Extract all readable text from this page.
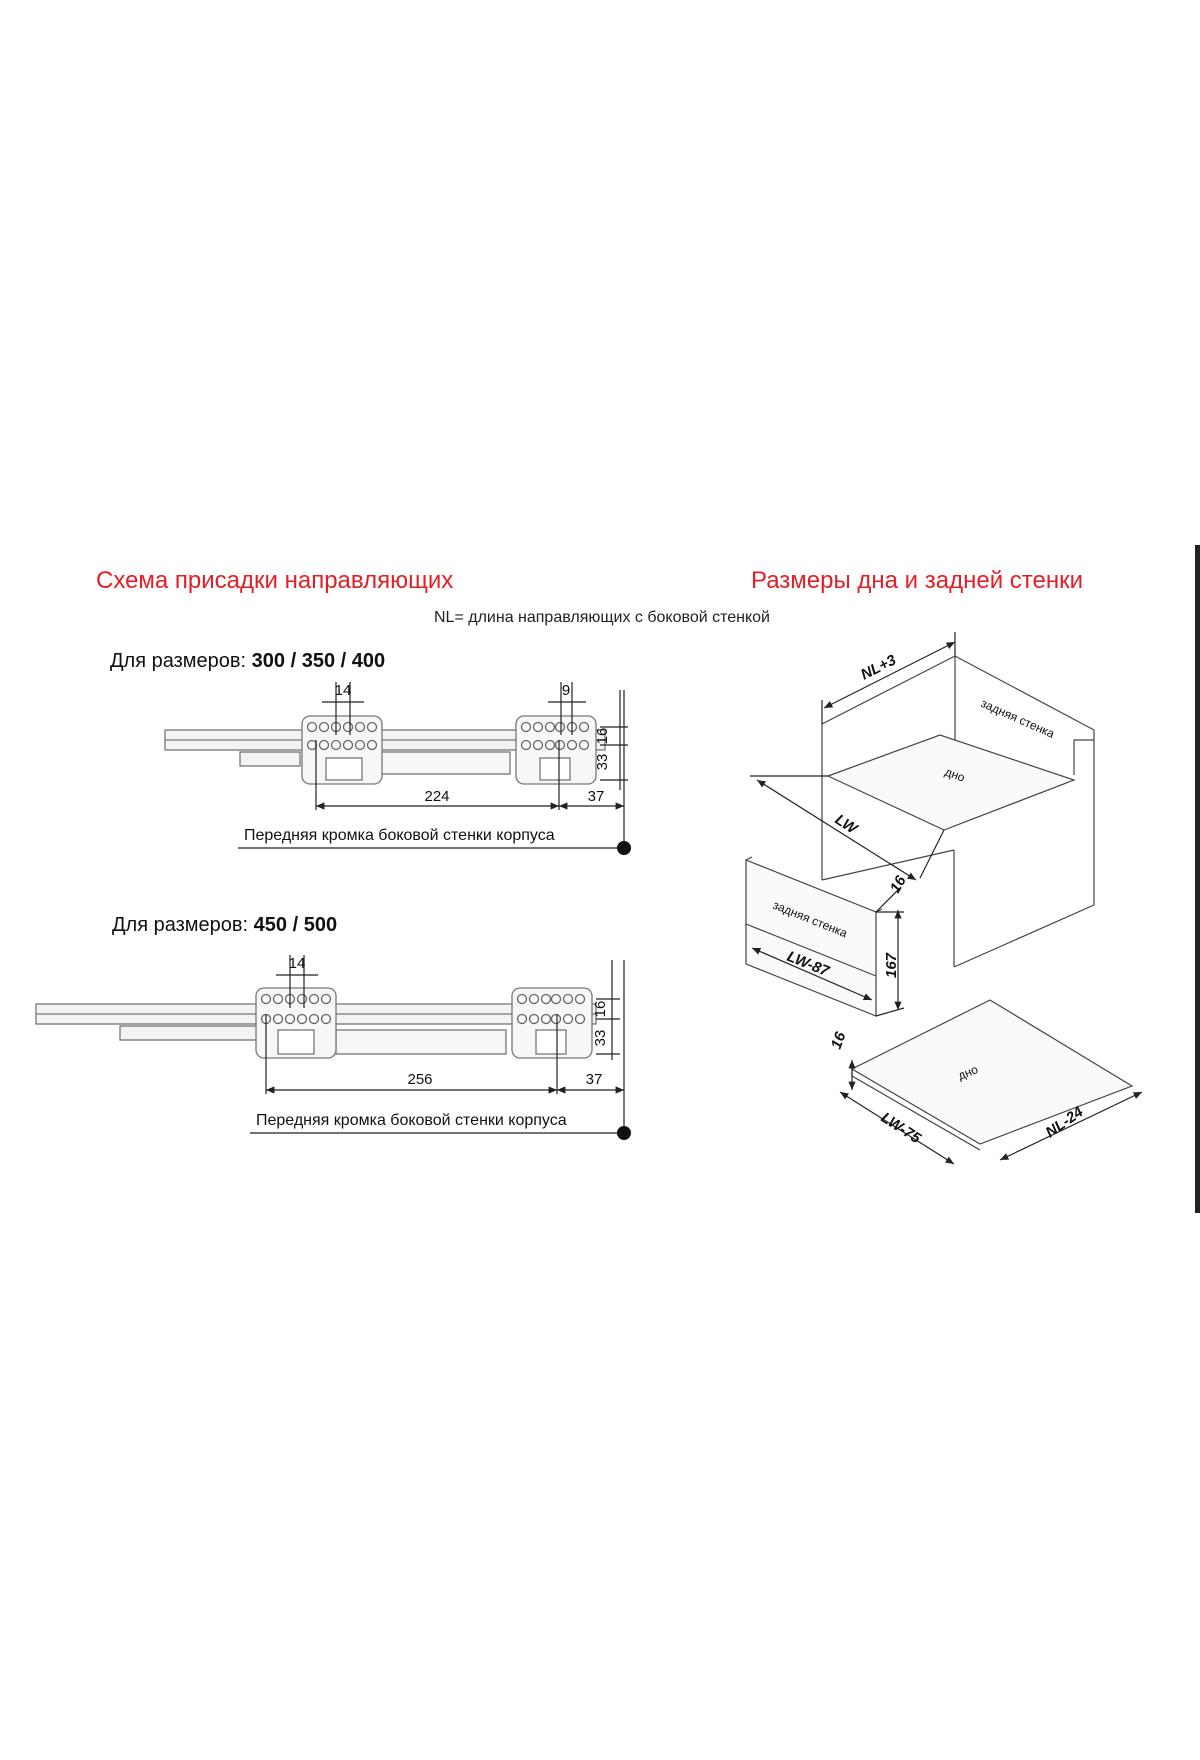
Схема присадки направляющих	Размеры дна и задней стенки
NL= длина направляющих с боковой стенкой
Для размеров: 300 / 350 / 400
Для размеров: 450 / 500
14	9
224	37
16
33
Передняя кромка боковой стенки корпуса
14
256	37
16
33
Передняя кромка боковой стенки корпуса
NL+3
LW
задняя стенка
дно
задняя стенка
LW-87	167
16
дно
LW-75	NL-24
16
